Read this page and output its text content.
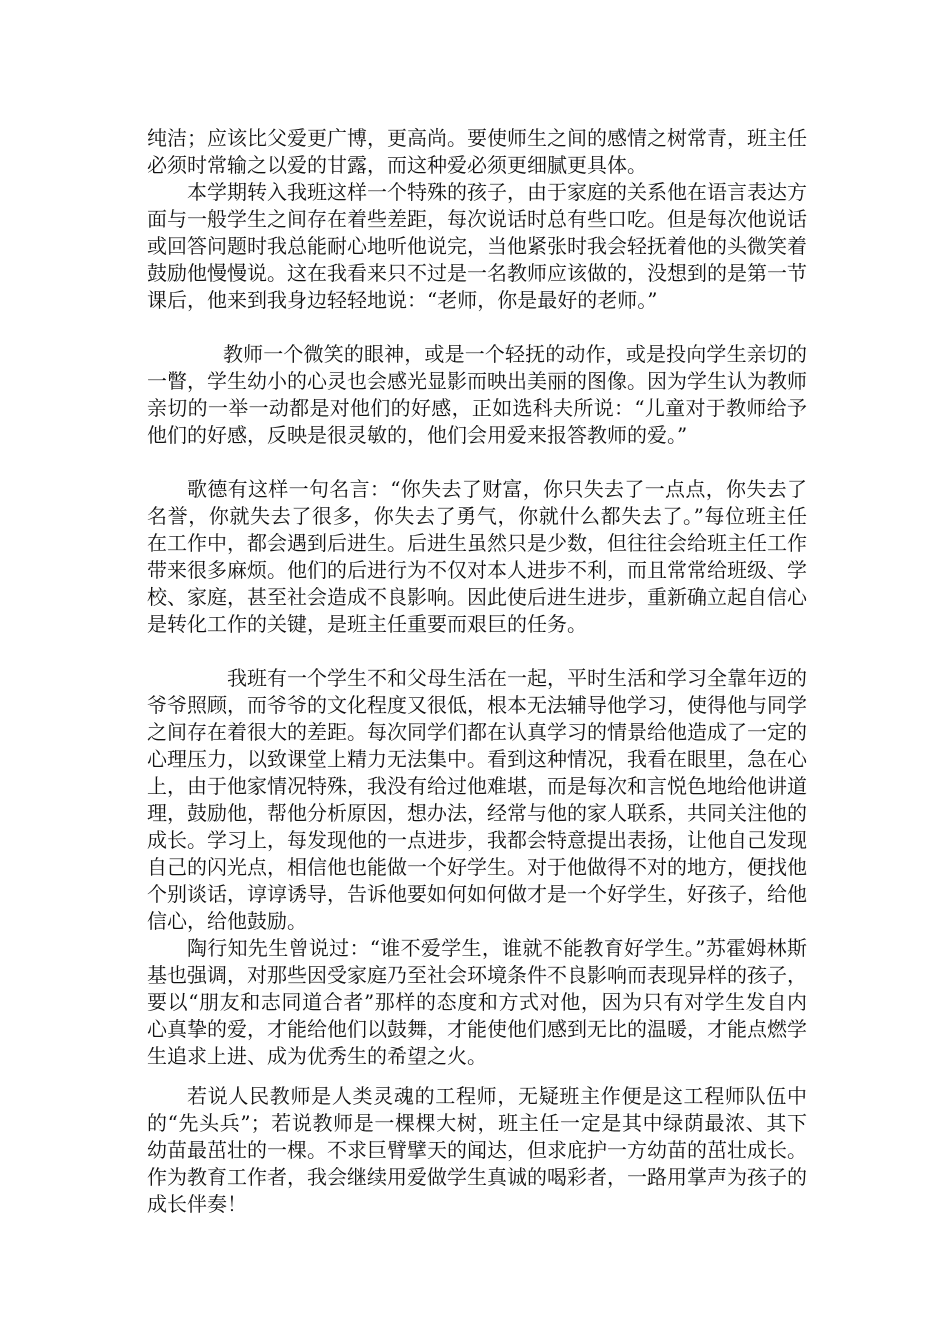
纯洁；应该比父爱更广博，更高尚。要使师生之间的感情之树常青，班主任必须时常输之以爱的甘露，而这种爱必须更细腻更具体。

本学期转入我班这样一个特殊的孩子，由于家庭的关系他在语言表达方面与一般学生之间存在着些差距，每次说话时总有些口吃。但是每次他说话或回答问题时我总能耐心地听他说完，当他紧张时我会轻抚着他的头微笑着鼓励他慢慢说。这在我看来只不过是一名教师应该做的，没想到的是第一节课后，他来到我身边轻轻地说：“老师，你是最好的老师。”

教师一个微笑的眼神，或是一个轻抚的动作，或是投向学生亲切的一瞥，学生幼小的心灵也会感光显影而映出美丽的图像。因为学生认为教师亲切的一举一动都是对他们的好感，正如选科夫所说：“儿童对于教师给予他们的好感，反映是很灵敏的，他们会用爱来报答教师的爱。”

歌德有这样一句名言：“你失去了财富，你只失去了一点点，你失去了名誉，你就失去了很多，你失去了勇气，你就什么都失去了。”每位班主任在工作中，都会遇到后进生。后进生虽然只是少数，但往往会给班主任工作带来很多麻烦。他们的后进行为不仅对本人进步不利，而且常常给班级、学校、家庭，甚至社会造成不良影响。因此使后进生进步，重新确立起自信心是转化工作的关键，是班主任重要而艰巨的任务。

我班有一个学生不和父母生活在一起，平时生活和学习全靠年迈的爷爷照顾，而爷爷的文化程度又很低，根本无法辅导他学习，使得他与同学之间存在着很大的差距。每次同学们都在认真学习的情景给他造成了一定的心理压力，以致课堂上精力无法集中。看到这种情况，我看在眼里，急在心上，由于他家情况特殊，我没有给过他难堪，而是每次和言悦色地给他讲道理，鼓励他，帮他分析原因，想办法，经常与他的家人联系，共同关注他的成长。学习上，每发现他的一点进步，我都会特意提出表扬，让他自己发现自己的闪光点，相信他也能做一个好学生。对于他做得不对的地方，便找他个别谈话，谆谆诱导，告诉他要如何如何做才是一个好学生，好孩子，给他信心，给他鼓励。

陶行知先生曾说过：“谁不爱学生，谁就不能教育好学生。”苏霍姆林斯基也强调，对那些因受家庭乃至社会环境条件不良影响而表现异样的孩子，要以“朋友和志同道合者”那样的态度和方式对他，因为只有对学生发自内心真挚的爱，才能给他们以鼓舞，才能使他们感到无比的温暖，才能点燃学生追求上进、成为优秀生的希望之火。

若说人民教师是人类灵魂的工程师，无疑班主作便是这工程师队伍中的“先头兵”；若说教师是一棵棵大树，班主任一定是其中绿荫最浓、其下幼苗最茁壮的一棵。不求巨臂擘天的闻达，但求庇护一方幼苗的茁壮成长。作为教育工作者，我会继续用爱做学生真诚的喝彩者，一路用掌声为孩子的成长伴奏！
